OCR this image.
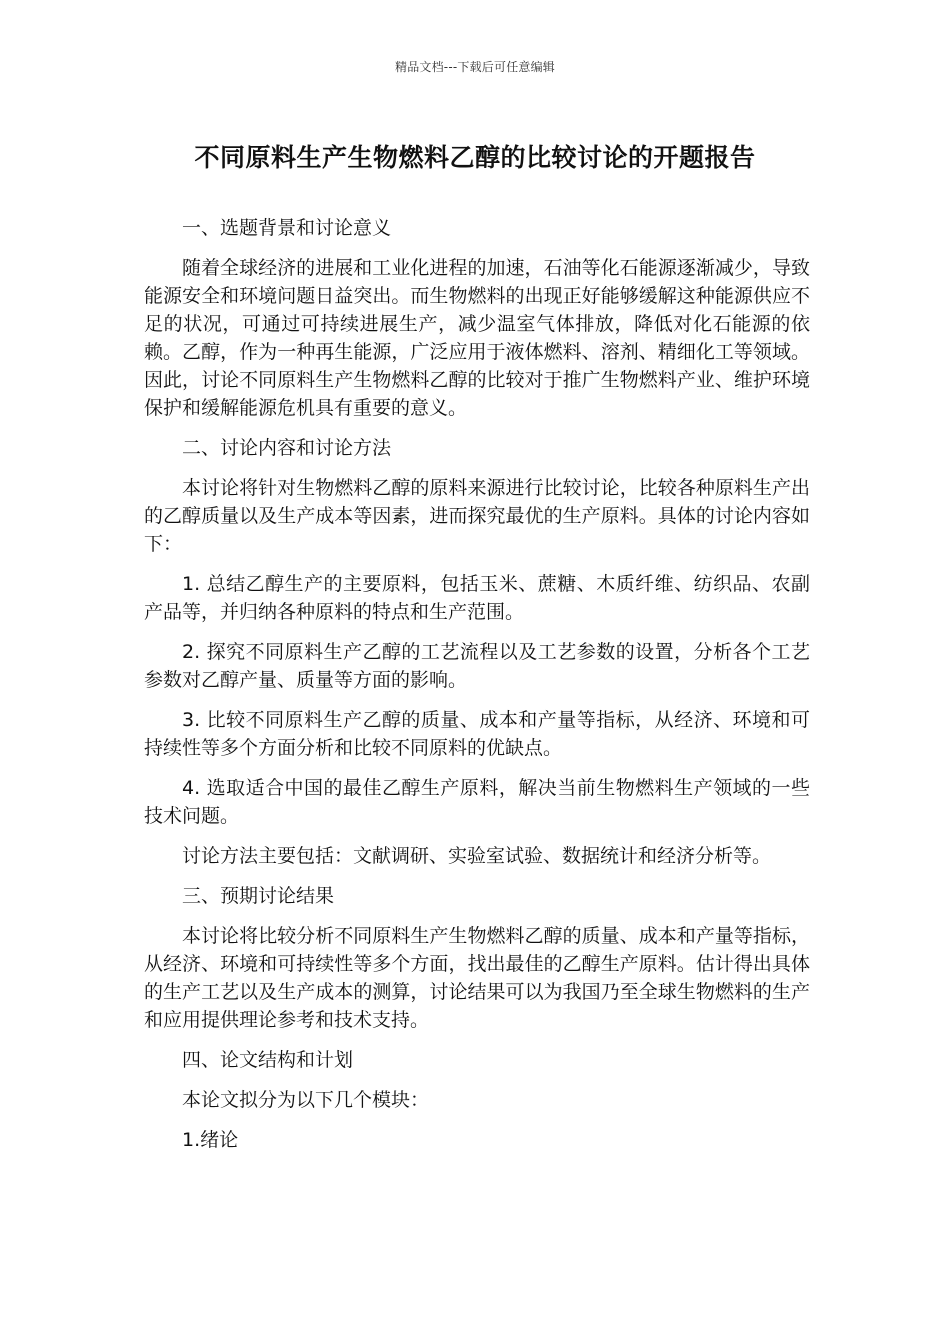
精品文档---下载后可任意编辑
不同原料生产生物燃料乙醇的比较讨论的开题报告
一、选题背景和讨论意义
随着全球经济的进展和工业化进程的加速，石油等化石能源逐渐减少，导致能源安全和环境问题日益突出。而生物燃料的出现正好能够缓解这种能源供应不足的状况，可通过可持续进展生产，减少温室气体排放，降低对化石能源的依赖。乙醇，作为一种再生能源，广泛应用于液体燃料、溶剂、精细化工等领域。因此，讨论不同原料生产生物燃料乙醇的比较对于推广生物燃料产业、维护环境保护和缓解能源危机具有重要的意义。
二、讨论内容和讨论方法
本讨论将针对生物燃料乙醇的原料来源进行比较讨论，比较各种原料生产出的乙醇质量以及生产成本等因素，进而探究最优的生产原料。具体的讨论内容如下：
1. 总结乙醇生产的主要原料，包括玉米、蔗糖、木质纤维、纺织品、农副产品等，并归纳各种原料的特点和生产范围。
2. 探究不同原料生产乙醇的工艺流程以及工艺参数的设置，分析各个工艺参数对乙醇产量、质量等方面的影响。
3. 比较不同原料生产乙醇的质量、成本和产量等指标，从经济、环境和可持续性等多个方面分析和比较不同原料的优缺点。
4. 选取适合中国的最佳乙醇生产原料，解决当前生物燃料生产领域的一些技术问题。
讨论方法主要包括：文献调研、实验室试验、数据统计和经济分析等。
三、预期讨论结果
本讨论将比较分析不同原料生产生物燃料乙醇的质量、成本和产量等指标，从经济、环境和可持续性等多个方面，找出最佳的乙醇生产原料。估计得出具体的生产工艺以及生产成本的测算，讨论结果可以为我国乃至全球生物燃料的生产和应用提供理论参考和技术支持。
四、论文结构和计划
本论文拟分为以下几个模块：
1.绪论
